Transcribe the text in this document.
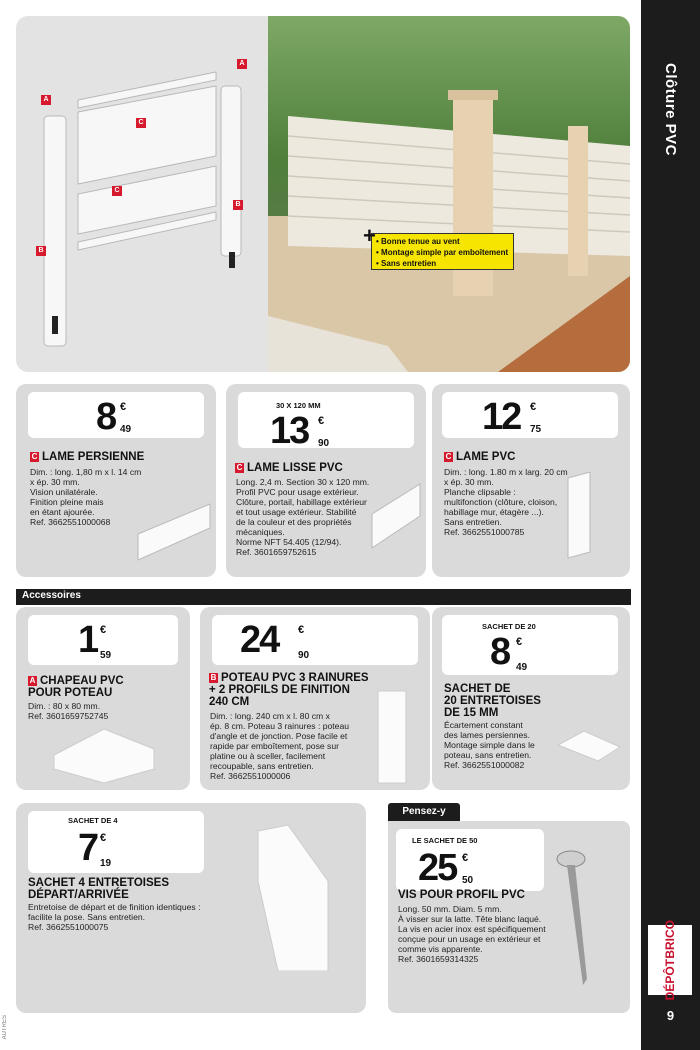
Clôture PVC
BRICO
DÉPÔT
9
AUTRES
A
A
C
C
B
B
• Bonne tenue au vent
• Montage simple par emboîtement
• Sans entretien
+
8 €
49
C LAME PERSIENNE
Dim. : long. 1,80 m x l. 14 cm
x ép. 30 mm.
Vision unilatérale.
Finition pleine mais
en étant ajourée.
Ref. 3662551000068
30 X 120 MM
13 €
90
C LAME LISSE PVC
Long. 2,4 m. Section 30 x 120 mm.
Profil PVC pour usage extérieur.
Clôture, portail, habillage extérieur
et tout usage extérieur. Stabilité
de la couleur et des propriétés
mécaniques.
Norme NFT 54.405 (12/94).
Ref. 3601659752615
12 €
75
C LAME PVC
Dim. : long. 1.80 m x larg. 20 cm
x ép. 30 mm.
Planche clipsable :
multifonction (clôture, cloison,
habillage mur, étagère ...).
Sans entretien.
Ref. 3662551000785
Accessoires
1 €
59
A CHAPEAU PVC
POUR POTEAU
Dim. : 80 x 80 mm.
Ref. 3601659752745
24 €
90
B POTEAU PVC 3 RAINURES
+ 2 PROFILS DE FINITION
240 CM
Dim. : long. 240 cm x l. 80 cm x
ép. 8 cm. Poteau 3 rainures : poteau
d'angle et de jonction. Pose facile et
rapide par emboîtement, pose sur
platine ou à sceller, facilement
recoupable, sans entretien.
Ref. 3662551000006
SACHET DE 20
8 €
49
SACHET DE
20 ENTRETOISES
DE 15 MM
Écartement constant
des lames persiennes.
Montage simple dans le
poteau, sans entretien.
Ref. 3662551000082
SACHET DE 4
7 €
19
SACHET 4 ENTRETOISES
DÉPART/ARRIVÉE
Entretoise de départ et de finition identiques :
facilite la pose. Sans entretien.
Ref. 3662551000075
Pensez-y
LE SACHET DE 50
25 €
50
VIS POUR PROFIL PVC
Long. 50 mm. Diam. 5 mm.
À visser sur la latte. Tête blanc laqué.
La vis en acier inox est spécifiquement
conçue pour un usage en extérieur et
comme vis apparente.
Ref. 3601659314325
